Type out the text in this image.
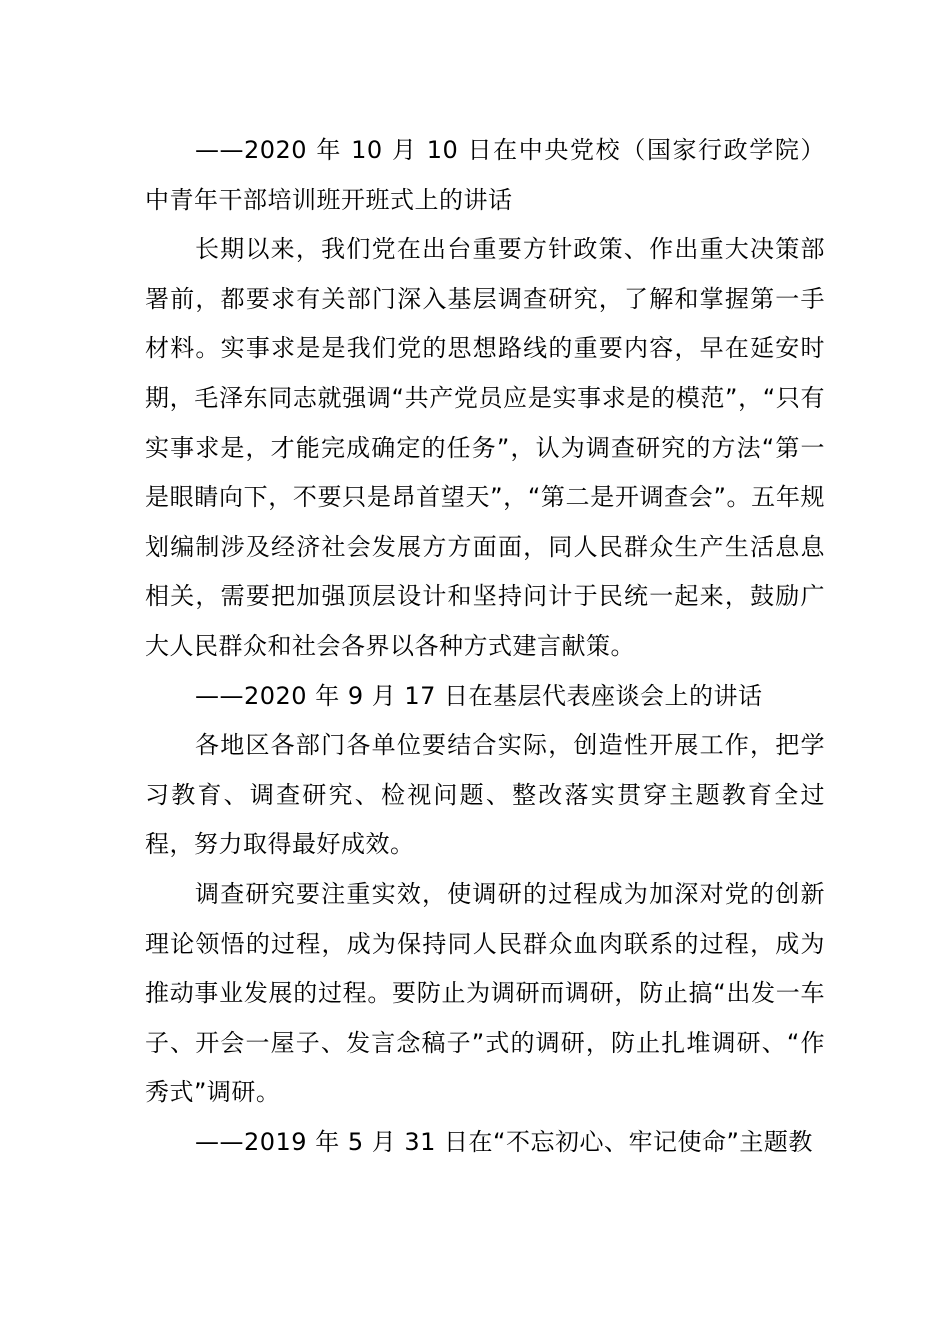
——2020 年 10 月 10 日在中央党校（国家行政学院）中青年干部培训班开班式上的讲话

长期以来，我们党在出台重要方针政策、作出重大决策部署前，都要求有关部门深入基层调查研究，了解和掌握第一手材料。实事求是是我们党的思想路线的重要内容，早在延安时期，毛泽东同志就强调“共产党员应是实事求是的模范”，“只有实事求是，才能完成确定的任务”，认为调查研究的方法“第一是眼睛向下，不要只是昂首望天”，“第二是开调查会”。五年规划编制涉及经济社会发展方方面面，同人民群众生产生活息息相关，需要把加强顶层设计和坚持问计于民统一起来，鼓励广大人民群众和社会各界以各种方式建言献策。

——2020 年 9 月 17 日在基层代表座谈会上的讲话

各地区各部门各单位要结合实际，创造性开展工作，把学习教育、调查研究、检视问题、整改落实贯穿主题教育全过程，努力取得最好成效。

调查研究要注重实效，使调研的过程成为加深对党的创新理论领悟的过程，成为保持同人民群众血肉联系的过程，成为推动事业发展的过程。要防止为调研而调研，防止搞“出发一车子、开会一屋子、发言念稿子”式的调研，防止扎堆调研、“作秀式”调研。

——2019 年 5 月 31 日在“不忘初心、牢记使命”主题教
